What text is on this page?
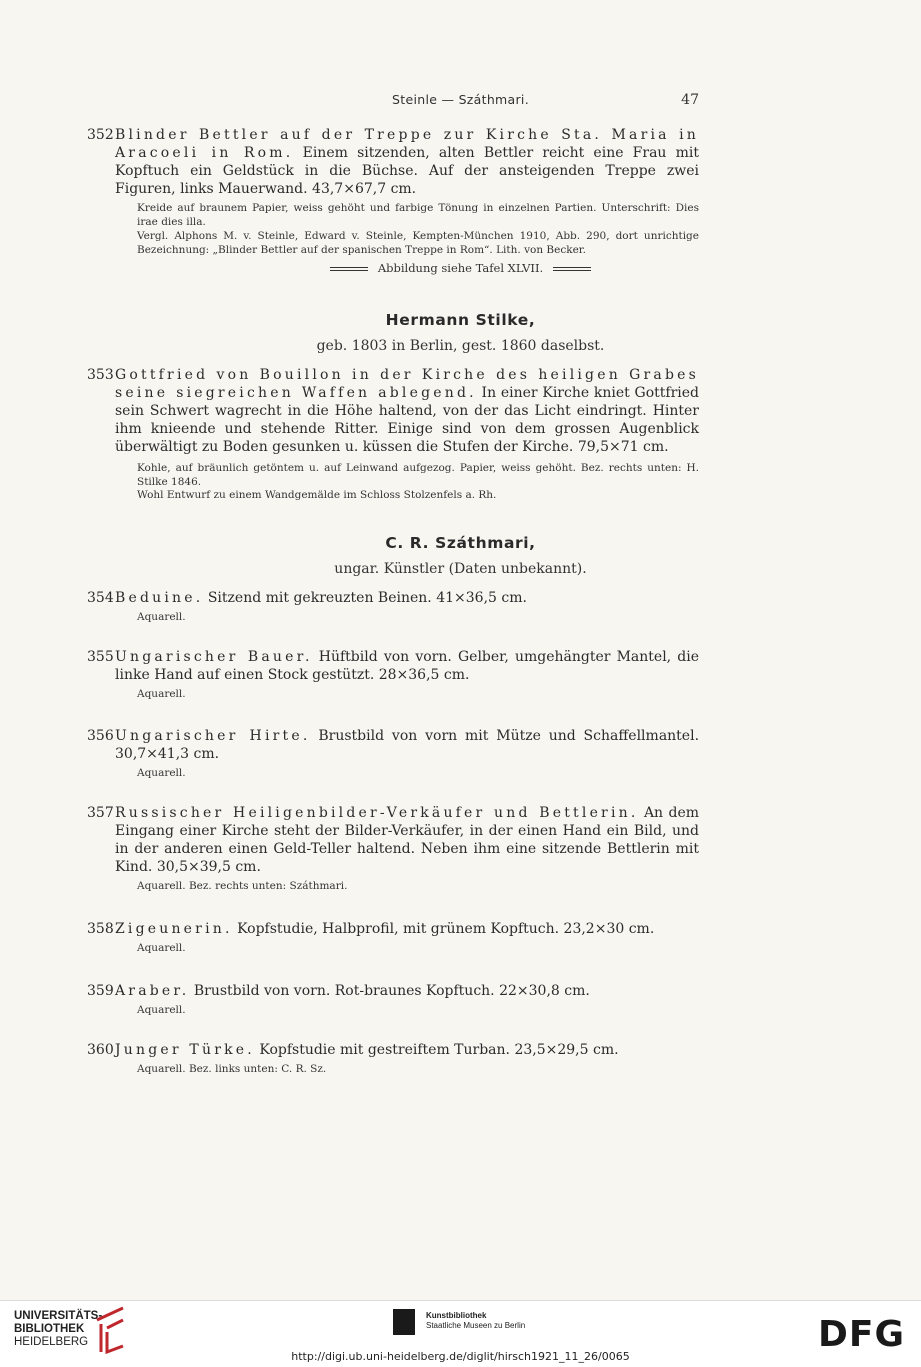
Steinle — Száthmari.	47
352 Blinder Bettler auf der Treppe zur Kirche Sta. Maria in Aracoeli in Rom. Einem sitzenden, alten Bettler reicht eine Frau mit Kopftuch ein Geldstück in die Büchse. Auf der ansteigenden Treppe zwei Figuren, links Mauerwand. 43,7×67,7 cm.
Kreide auf braunem Papier, weiss gehöht und farbige Tönung in einzelnen Partien. Unterschrift: Dies irae dies illa.
Vergl. Alphons M. v. Steinle, Edward v. Steinle, Kempten-München 1910, Abb. 290, dort unrichtige Bezeichnung: „Blinder Bettler auf der spanischen Treppe in Rom“. Lith. von Becker.
Abbildung siehe Tafel XLVII.
Hermann Stilke,
geb. 1803 in Berlin, gest. 1860 daselbst.
353 Gottfried von Bouillon in der Kirche des heiligen Grabes seine siegreichen Waffen ablegend. In einer Kirche kniet Gottfried sein Schwert wagrecht in die Höhe haltend, von der das Licht eindringt. Hinter ihm knieende und stehende Ritter. Einige sind von dem grossen Augenblick überwältigt zu Boden gesunken u. küssen die Stufen der Kirche. 79,5×71 cm.
Kohle, auf bräunlich getöntem u. auf Leinwand aufgezog. Papier, weiss gehöht. Bez. rechts unten: H. Stilke 1846.
Wohl Entwurf zu einem Wandgemälde im Schloss Stolzenfels a. Rh.
C. R. Száthmari,
ungar. Künstler (Daten unbekannt).
354 Beduine. Sitzend mit gekreuzten Beinen. 41×36,5 cm.
Aquarell.
355 Ungarischer Bauer. Hüftbild von vorn. Gelber, umgehängter Mantel, die linke Hand auf einen Stock gestützt. 28×36,5 cm.
Aquarell.
356 Ungarischer Hirte. Brustbild von vorn mit Mütze und Schaffellmantel. 30,7×41,3 cm.
Aquarell.
357 Russischer Heiligenbilder-Verkäufer und Bettlerin. An dem Eingang einer Kirche steht der Bilder-Verkäufer, in der einen Hand ein Bild, und in der anderen einen Geld-Teller haltend. Neben ihm eine sitzende Bettlerin mit Kind. 30,5×39,5 cm.
Aquarell. Bez. rechts unten: Száthmari.
358 Zigeunerin. Kopfstudie, Halbprofil, mit grünem Kopftuch. 23,2×30 cm.
Aquarell.
359 Araber. Brustbild von vorn. Rot-braunes Kopftuch. 22×30,8 cm.
Aquarell.
360 Junger Türke. Kopfstudie mit gestreiftem Turban. 23,5×29,5 cm.
Aquarell. Bez. links unten: C. R. Sz.
UNIVERSITÄTS-
BIBLIOTHEK
HEIDELBERG
Kunstbibliothek
Staatliche Museen zu Berlin	DFG
http://digi.ub.uni-heidelberg.de/diglit/hirsch1921_11_26/0065
